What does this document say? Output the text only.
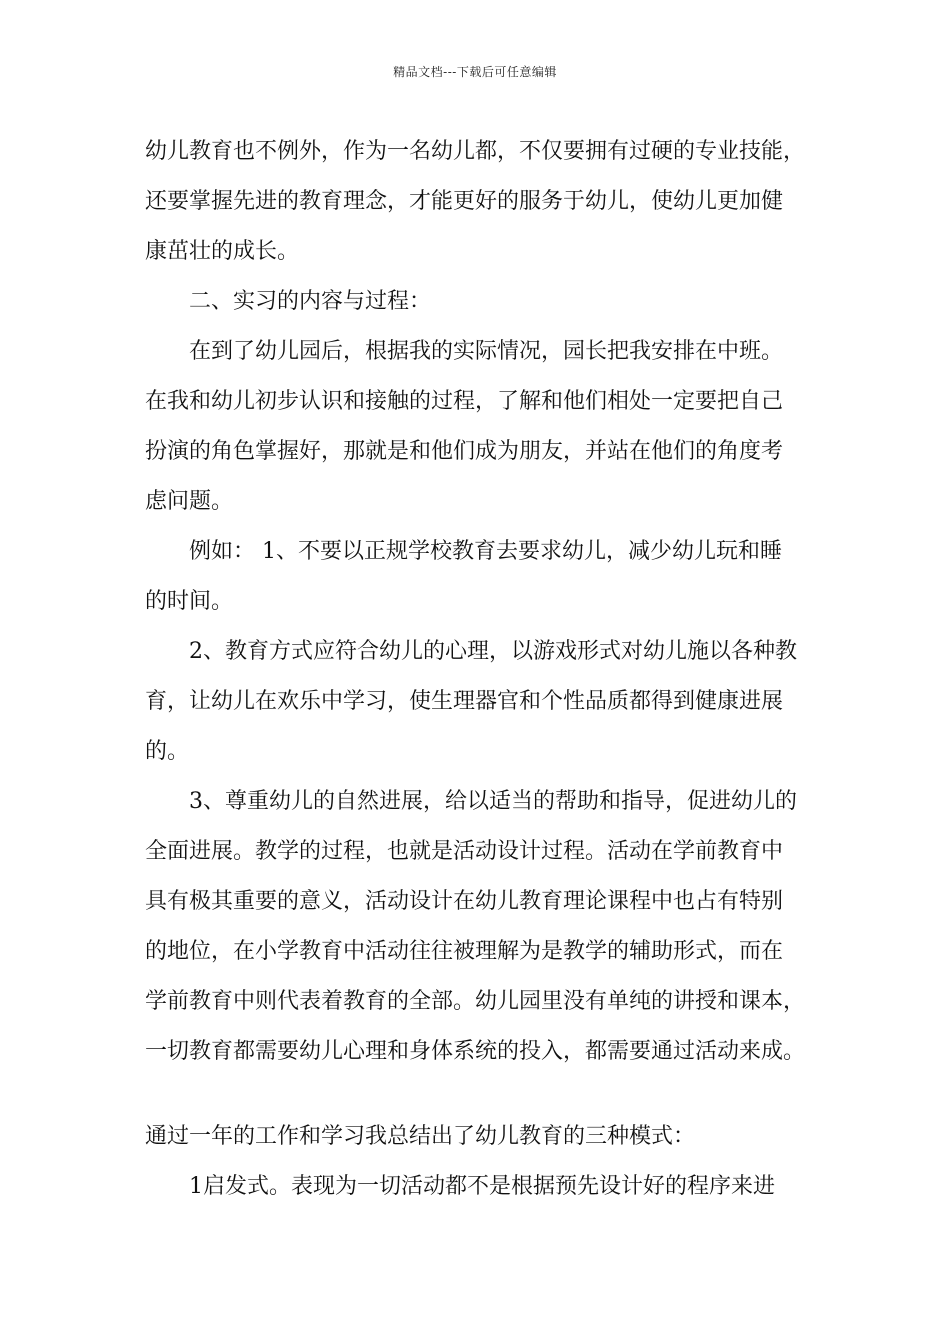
精品文档---下载后可任意编辑
幼儿教育也不例外，作为一名幼儿都，不仅要拥有过硬的专业技能，
还要掌握先进的教育理念，才能更好的服务于幼儿，使幼儿更加健
康茁壮的成长。
二、实习的内容与过程：
在到了幼儿园后，根据我的实际情况，园长把我安排在中班。
在我和幼儿初步认识和接触的过程，了解和他们相处一定要把自己
扮演的角色掌握好，那就是和他们成为朋友，并站在他们的角度考
虑问题。
例如： 1、不要以正规学校教育去要求幼儿，减少幼儿玩和睡
的时间。
2、教育方式应符合幼儿的心理，以游戏形式对幼儿施以各种教
育，让幼儿在欢乐中学习，使生理器官和个性品质都得到健康进展
的。
3、尊重幼儿的自然进展，给以适当的帮助和指导，促进幼儿的
全面进展。教学的过程，也就是活动设计过程。活动在学前教育中
具有极其重要的意义，活动设计在幼儿教育理论课程中也占有特别
的地位，在小学教育中活动往往被理解为是教学的辅助形式，而在
学前教育中则代表着教育的全部。幼儿园里没有单纯的讲授和课本，
一切教育都需要幼儿心理和身体系统的投入，都需要通过活动来成。
通过一年的工作和学习我总结出了幼儿教育的三种模式：
1启发式。表现为一切活动都不是根据预先设计好的程序来进
